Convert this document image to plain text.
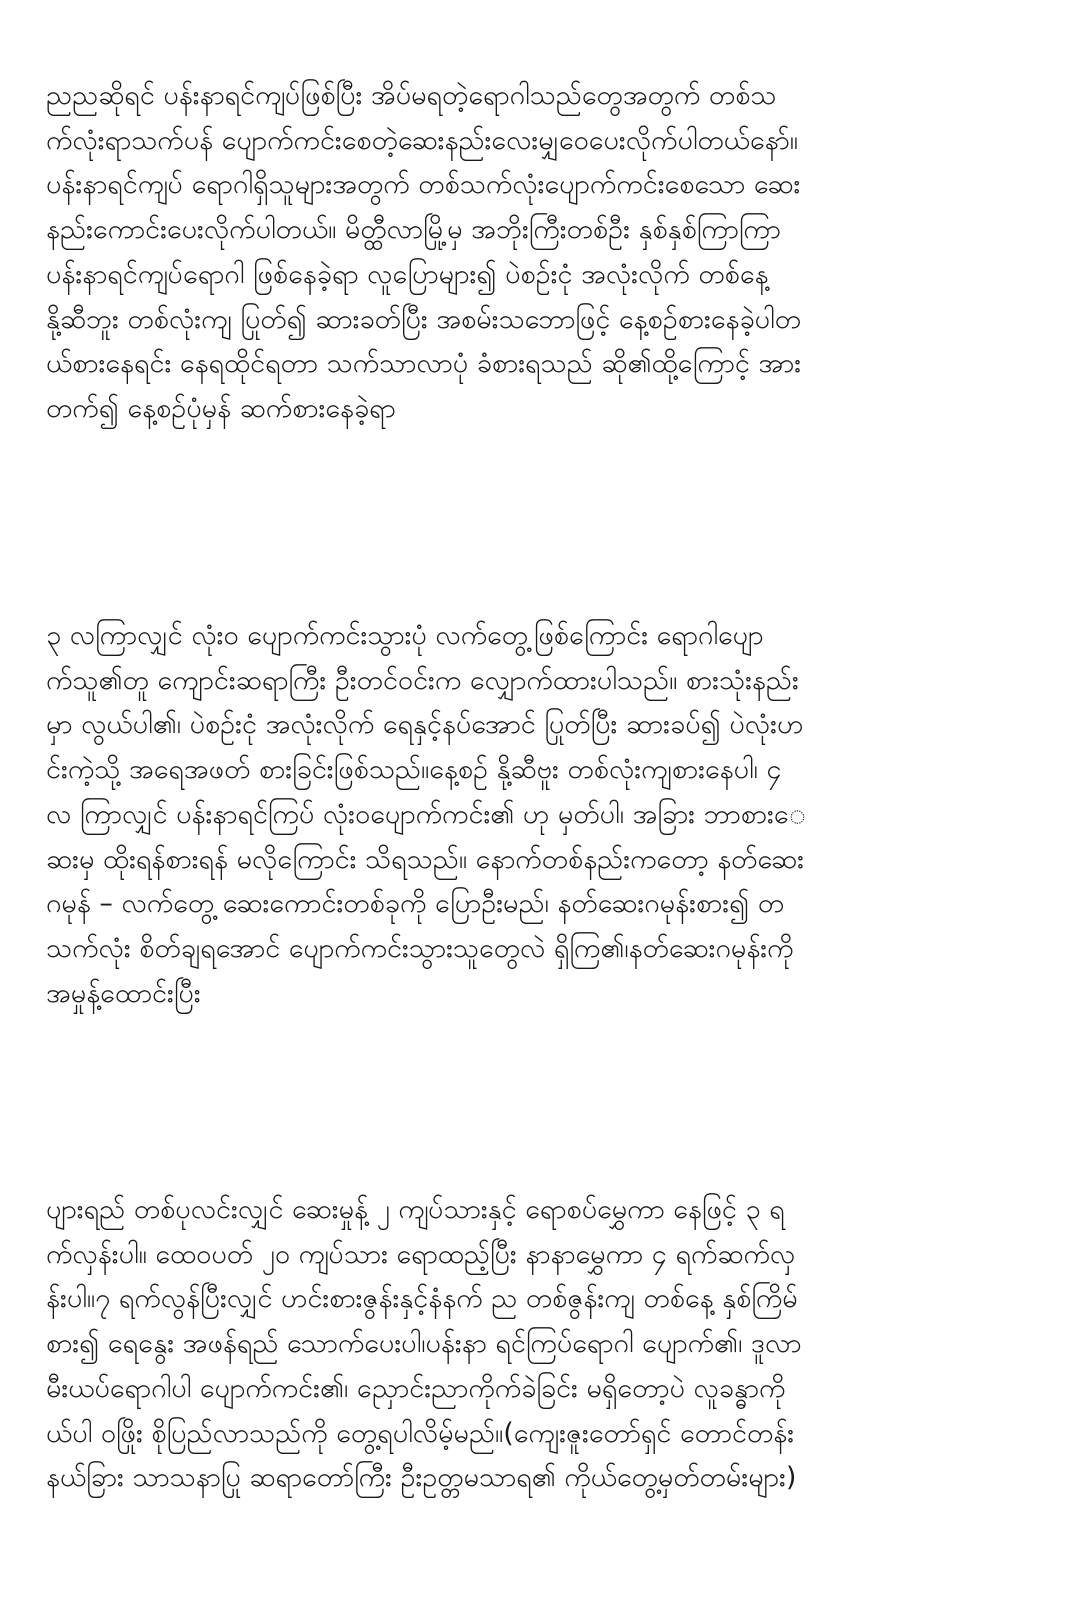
ညညဆိုရင် ပန်းနာရင်ကျပ်ဖြစ်ပြီး အိပ်မရတဲ့ရောဂါသည်တွေအတွက် တစ်သ
က်လုံးရာသက်ပန် ပျောက်ကင်းစေတဲ့ဆေးနည်းလေးမျှဝေပေးလိုက်ပါတယ်နော်။
ပန်းနာရင်ကျပ် ရောဂါရှိသူများအတွက် တစ်သက်လုံးပျောက်ကင်းစေသော ဆေး
နည်းကောင်းပေးလိုက်ပါတယ်။ မိတ္ထီလာမြို့မှ အဘိုးကြီးတစ်ဦး နှစ်နှစ်ကြာကြာ
ပန်းနာရင်ကျပ်ရောဂါ ဖြစ်နေခဲ့ရာ လူပြောများ၍ ပဲစဉ်းငုံ အလုံးလိုက် တစ်နေ့
နို့ဆီဘူး တစ်လုံးကျ ပြုတ်၍ ဆားခတ်ပြီး အစမ်းသဘောဖြင့် နေ့စဉ်စားနေခဲ့ပါတ
ယ်စားနေရင်း နေရထိုင်ရတာ သက်သာလာပုံ ခံစားရသည် ဆို၏ထို့ကြောင့် အား
တက်၍ နေ့စဉ်ပုံမှန် ဆက်စားနေခဲ့ရာ
၃ လကြာလျှင် လုံး၀ ပျောက်ကင်းသွားပုံ လက်တွေ့ဖြစ်ကြောင်း ရောဂါပျော
က်သူ၏တူ ကျောင်းဆရာကြီး ဦးတင်ဝင်းက လျှောက်ထားပါသည်။ စားသုံးနည်း
မှာ လွယ်ပါ၏၊ ပဲစဉ်းငုံ အလုံးလိုက် ရေနှင့်နပ်အောင် ပြုတ်ပြီး ဆားခပ်၍ ပဲလုံးဟ
င်းကဲ့သို့ အရေအဖတ် စားခြင်းဖြစ်သည်။နေ့စဉ် နို့ဆီဗူး တစ်လုံးကျစားနေပါ၊ ၄
လ ကြာလျှင် ပန်းနာရင်ကြပ် လုံးဝပျောက်ကင်း၏ ဟု မှတ်ပါ၊ အခြား ဘာစားေ
ဆးမှ ထိုးရန်စားရန် မလိုကြောင်း သိရသည်။ နောက်တစ်နည်းကတော့ နတ်ဆေး
ဂမုန် – လက်တွေ့ ဆေးကောင်းတစ်ခုကို ပြောဦးမည်၊ နတ်ဆေးဂမုန်းစား၍ တ
သက်လုံး စိတ်ချရအောင် ပျောက်ကင်းသွားသူတွေလဲ ရှိကြ၏၊နတ်ဆေးဂမုန်းကို
အမှုန့်ထောင်းပြီး
ပျားရည် တစ်ပုလင်းလျှင် ဆေးမှုန့် ၂ ကျပ်သားနှင့် ရောစပ်မွှေကာ နေဖြင့် ၃ ရ
က်လှန်းပါ။ ထေ၀ပတ် ၂၀ ကျပ်သား ရောထည့်ပြီး နာနာမွှေကာ ၄ ရက်ဆက်လှ
န်းပါ။၇ ရက်လွန်ပြီးလျှင် ဟင်းစားဇွန်းနှင့်နံနက် ည တစ်ဇွန်းကျ တစ်နေ့ နှစ်ကြိမ်
စား၍ ရေနွေး အဖန်ရည် သောက်ပေးပါ၊ပန်းနာ ရင်ကြပ်ရောဂါ ပျောက်၏၊ ဒူလာ
မီးယပ်ရောဂါပါ ပျောက်ကင်း၏၊ ညှောင်းညာကိုက်ခဲခြင်း မရှိတော့ပဲ လူခန္ဓာကို
ယ်ပါ ဝဖြိုး စိုပြည်လာသည်ကို တွေ့ရပါလိမ့်မည်။(ကျေးဇူးတော်ရှင် တောင်တန်း
နယ်ခြား သာသနာပြု ဆရာတော်ကြီး ဦးဥတ္တမသာရ၏ ကိုယ်တွေ့မှတ်တမ်းများ)
